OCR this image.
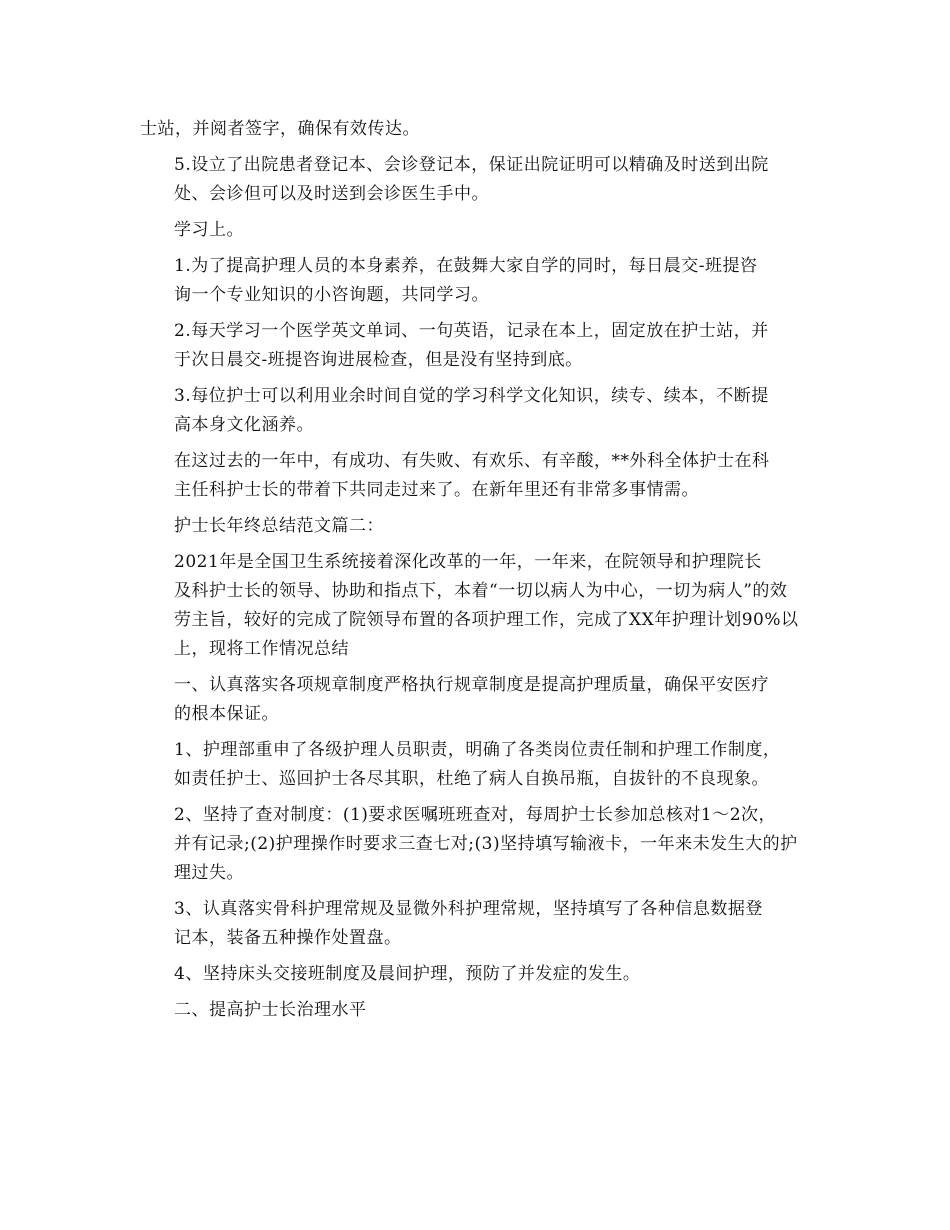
士站，并阅者签字，确保有效传达。

5.设立了出院患者登记本、会诊登记本，保证出院证明可以精确及时送到出院
处、会诊但可以及时送到会诊医生手中。

学习上。

1.为了提高护理人员的本身素养，在鼓舞大家自学的同时，每日晨交-班提咨
询一个专业知识的小咨询题，共同学习。

2.每天学习一个医学英文单词、一句英语，记录在本上，固定放在护士站，并
于次日晨交-班提咨询进展检查，但是没有坚持到底。

3.每位护士可以利用业余时间自觉的学习科学文化知识，续专、续本，不断提
高本身文化涵养。

在这过去的一年中，有成功、有失败、有欢乐、有辛酸，**外科全体护士在科
主任科护士长的带着下共同走过来了。在新年里还有非常多事情需。

护士长年终总结范文篇二：

2021年是全国卫生系统接着深化改革的一年，一年来，在院领导和护理院长
及科护士长的领导、协助和指点下，本着“一切以病人为中心，一切为病人”的效
劳主旨，较好的完成了院领导布置的各项护理工作，完成了XX年护理计划90%以
上，现将工作情况总结

一、认真落实各项规章制度严格执行规章制度是提高护理质量，确保平安医疗
的根本保证。

1、护理部重申了各级护理人员职责，明确了各类岗位责任制和护理工作制度，
如责任护士、巡回护士各尽其职，杜绝了病人自换吊瓶，自拔针的不良现象。

2、坚持了查对制度：(1)要求医嘱班班查对，每周护士长参加总核对1～2次，
并有记录;(2)护理操作时要求三查七对;(3)坚持填写输液卡，一年来未发生大的护
理过失。

3、认真落实骨科护理常规及显微外科护理常规，坚持填写了各种信息数据登
记本，装备五种操作处置盘。

4、坚持床头交接班制度及晨间护理，预防了并发症的发生。

二、提高护士长治理水平
